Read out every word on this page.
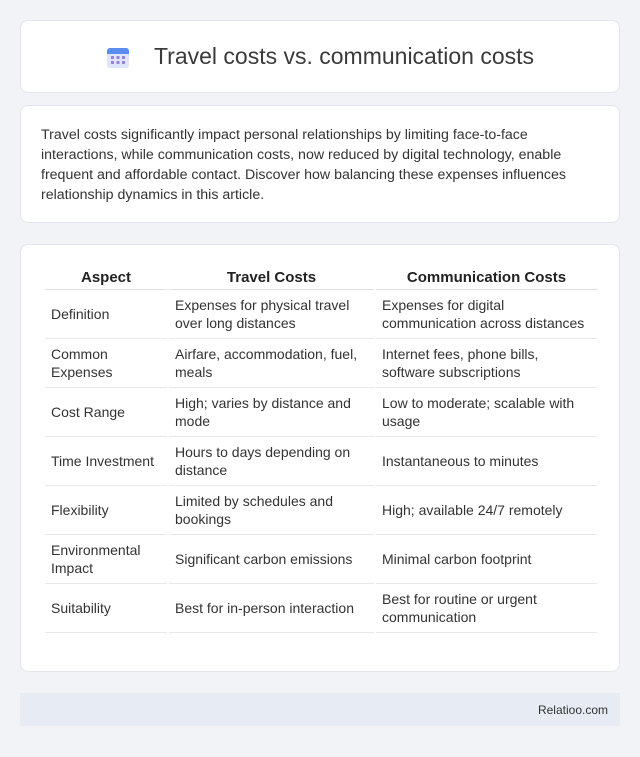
Travel costs vs. communication costs

Travel costs significantly impact personal relationships by limiting face-to-face interactions, while communication costs, now reduced by digital technology, enable frequent and affordable contact. Discover how balancing these expenses influences relationship dynamics in this article.

Aspect	Travel Costs	Communication Costs
Definition	Expenses for physical travel over long distances	Expenses for digital communication across distances
Common Expenses	Airfare, accommodation, fuel, meals	Internet fees, phone bills, software subscriptions
Cost Range	High; varies by distance and mode	Low to moderate; scalable with usage
Time Investment	Hours to days depending on distance	Instantaneous to minutes
Flexibility	Limited by schedules and bookings	High; available 24/7 remotely
Environmental Impact	Significant carbon emissions	Minimal carbon footprint
Suitability	Best for in-person interaction	Best for routine or urgent communication
Relatioo.com
